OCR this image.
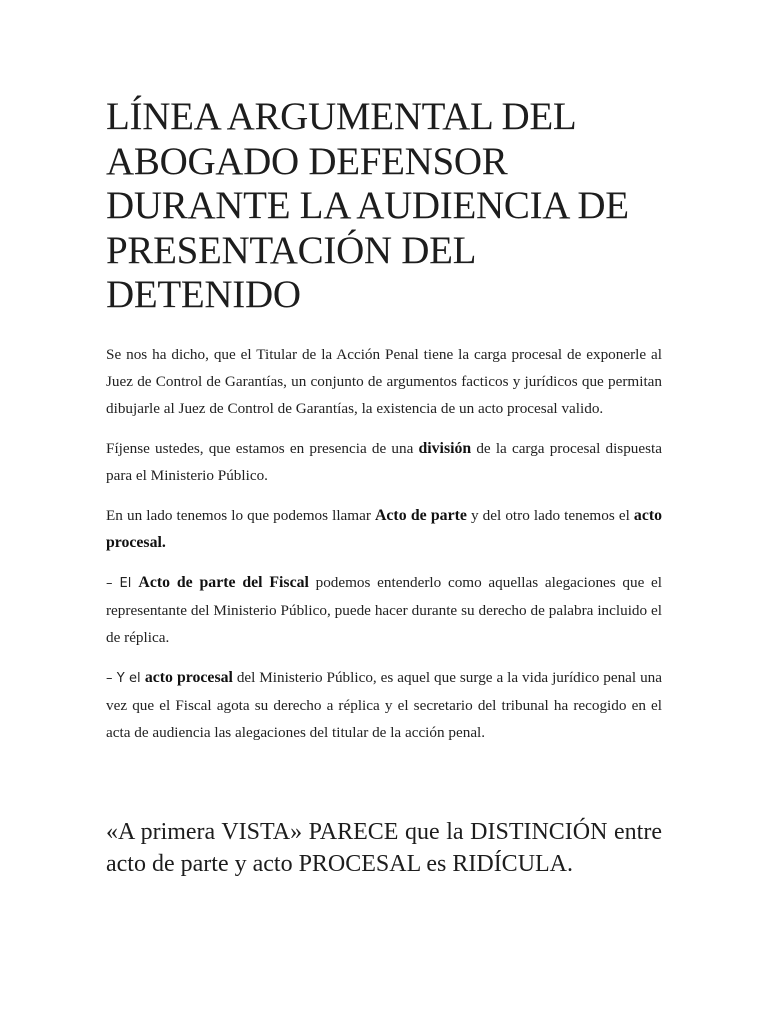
LÍNEA ARGUMENTAL DEL
ABOGADO DEFENSOR
DURANTE LA AUDIENCIA DE
PRESENTACIÓN DEL
DETENIDO

Se nos ha dicho, que el Titular de la Acción Penal tiene la carga procesal de exponerle al Juez de Control de Garantías, un conjunto de argumentos facticos y jurídicos que permitan dibujarle al Juez de Control de Garantías, la existencia de un acto procesal valido.

Fíjense ustedes, que estamos en presencia de una división de la carga procesal dispuesta para el Ministerio Público.

En un lado tenemos lo que podemos llamar Acto de parte y del otro lado tenemos el acto procesal.

– El Acto de parte del Fiscal podemos entenderlo como aquellas alegaciones que el representante del Ministerio Público, puede hacer durante su derecho de palabra incluido el de réplica.

– Y el acto procesal del Ministerio Público, es aquel que surge a la vida jurídico penal una vez que el Fiscal agota su derecho a réplica y el secretario del tribunal ha recogido en el acta de audiencia las alegaciones del titular de la acción penal.

«A primera VISTA» PARECE que la DISTINCIÓN entre acto de parte y acto PROCESAL es RIDÍCULA.
